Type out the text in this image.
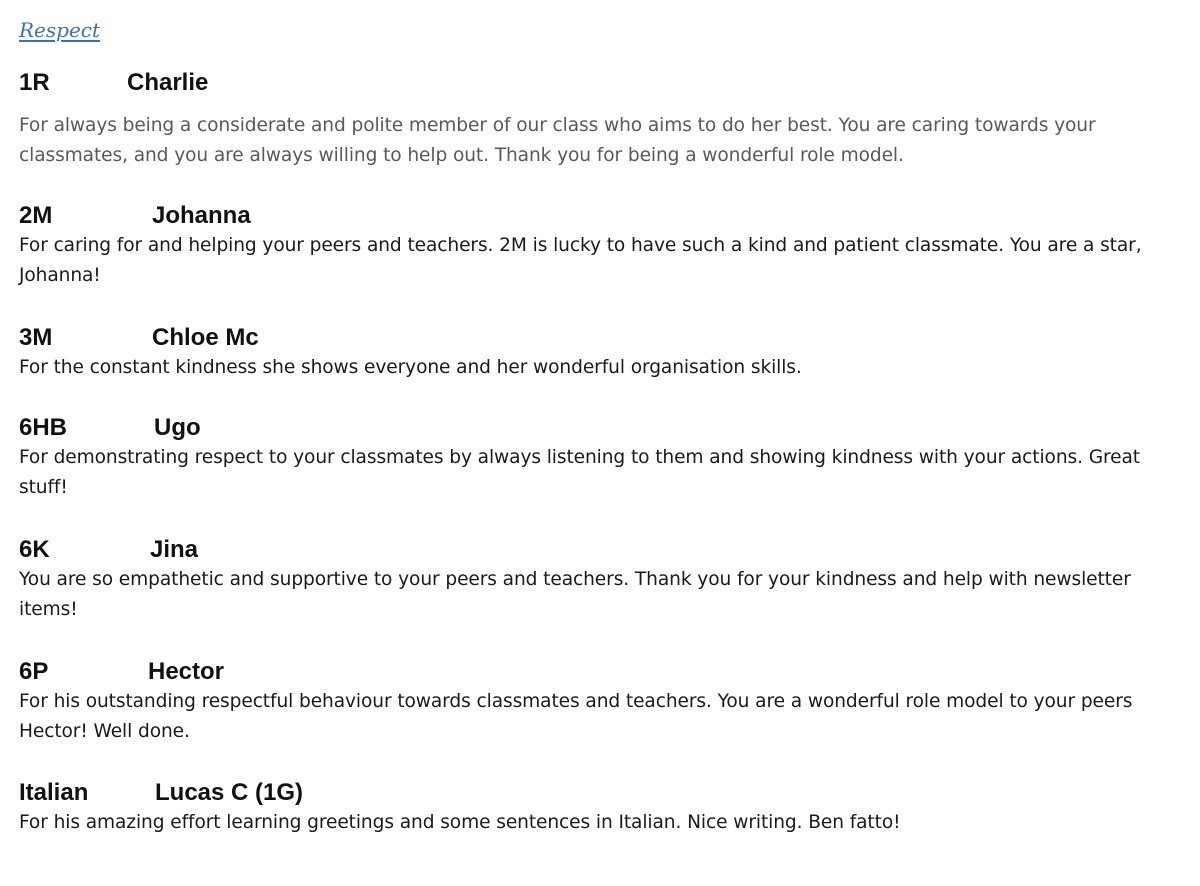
Respect
1R	Charlie
For always being a considerate and polite member of our class who aims to do her best. You are caring towards your classmates, and you are always willing to help out. Thank you for being a wonderful role model.
2M	Johanna
For caring for and helping your peers and teachers. 2M is lucky to have such a kind and patient classmate. You are a star, Johanna!
3M	Chloe Mc
For the constant kindness she shows everyone and her wonderful organisation skills.
6HB	Ugo
For demonstrating respect to your classmates by always listening to them and showing kindness with your actions. Great stuff!
6K	Jina
You are so empathetic and supportive to your peers and teachers. Thank you for your kindness and help with newsletter items!
6P	Hector
For his outstanding respectful behaviour towards classmates and teachers. You are a wonderful role model to your peers Hector! Well done.
Italian	Lucas C (1G)
For his amazing effort learning greetings and some sentences in Italian. Nice writing. Ben fatto!
